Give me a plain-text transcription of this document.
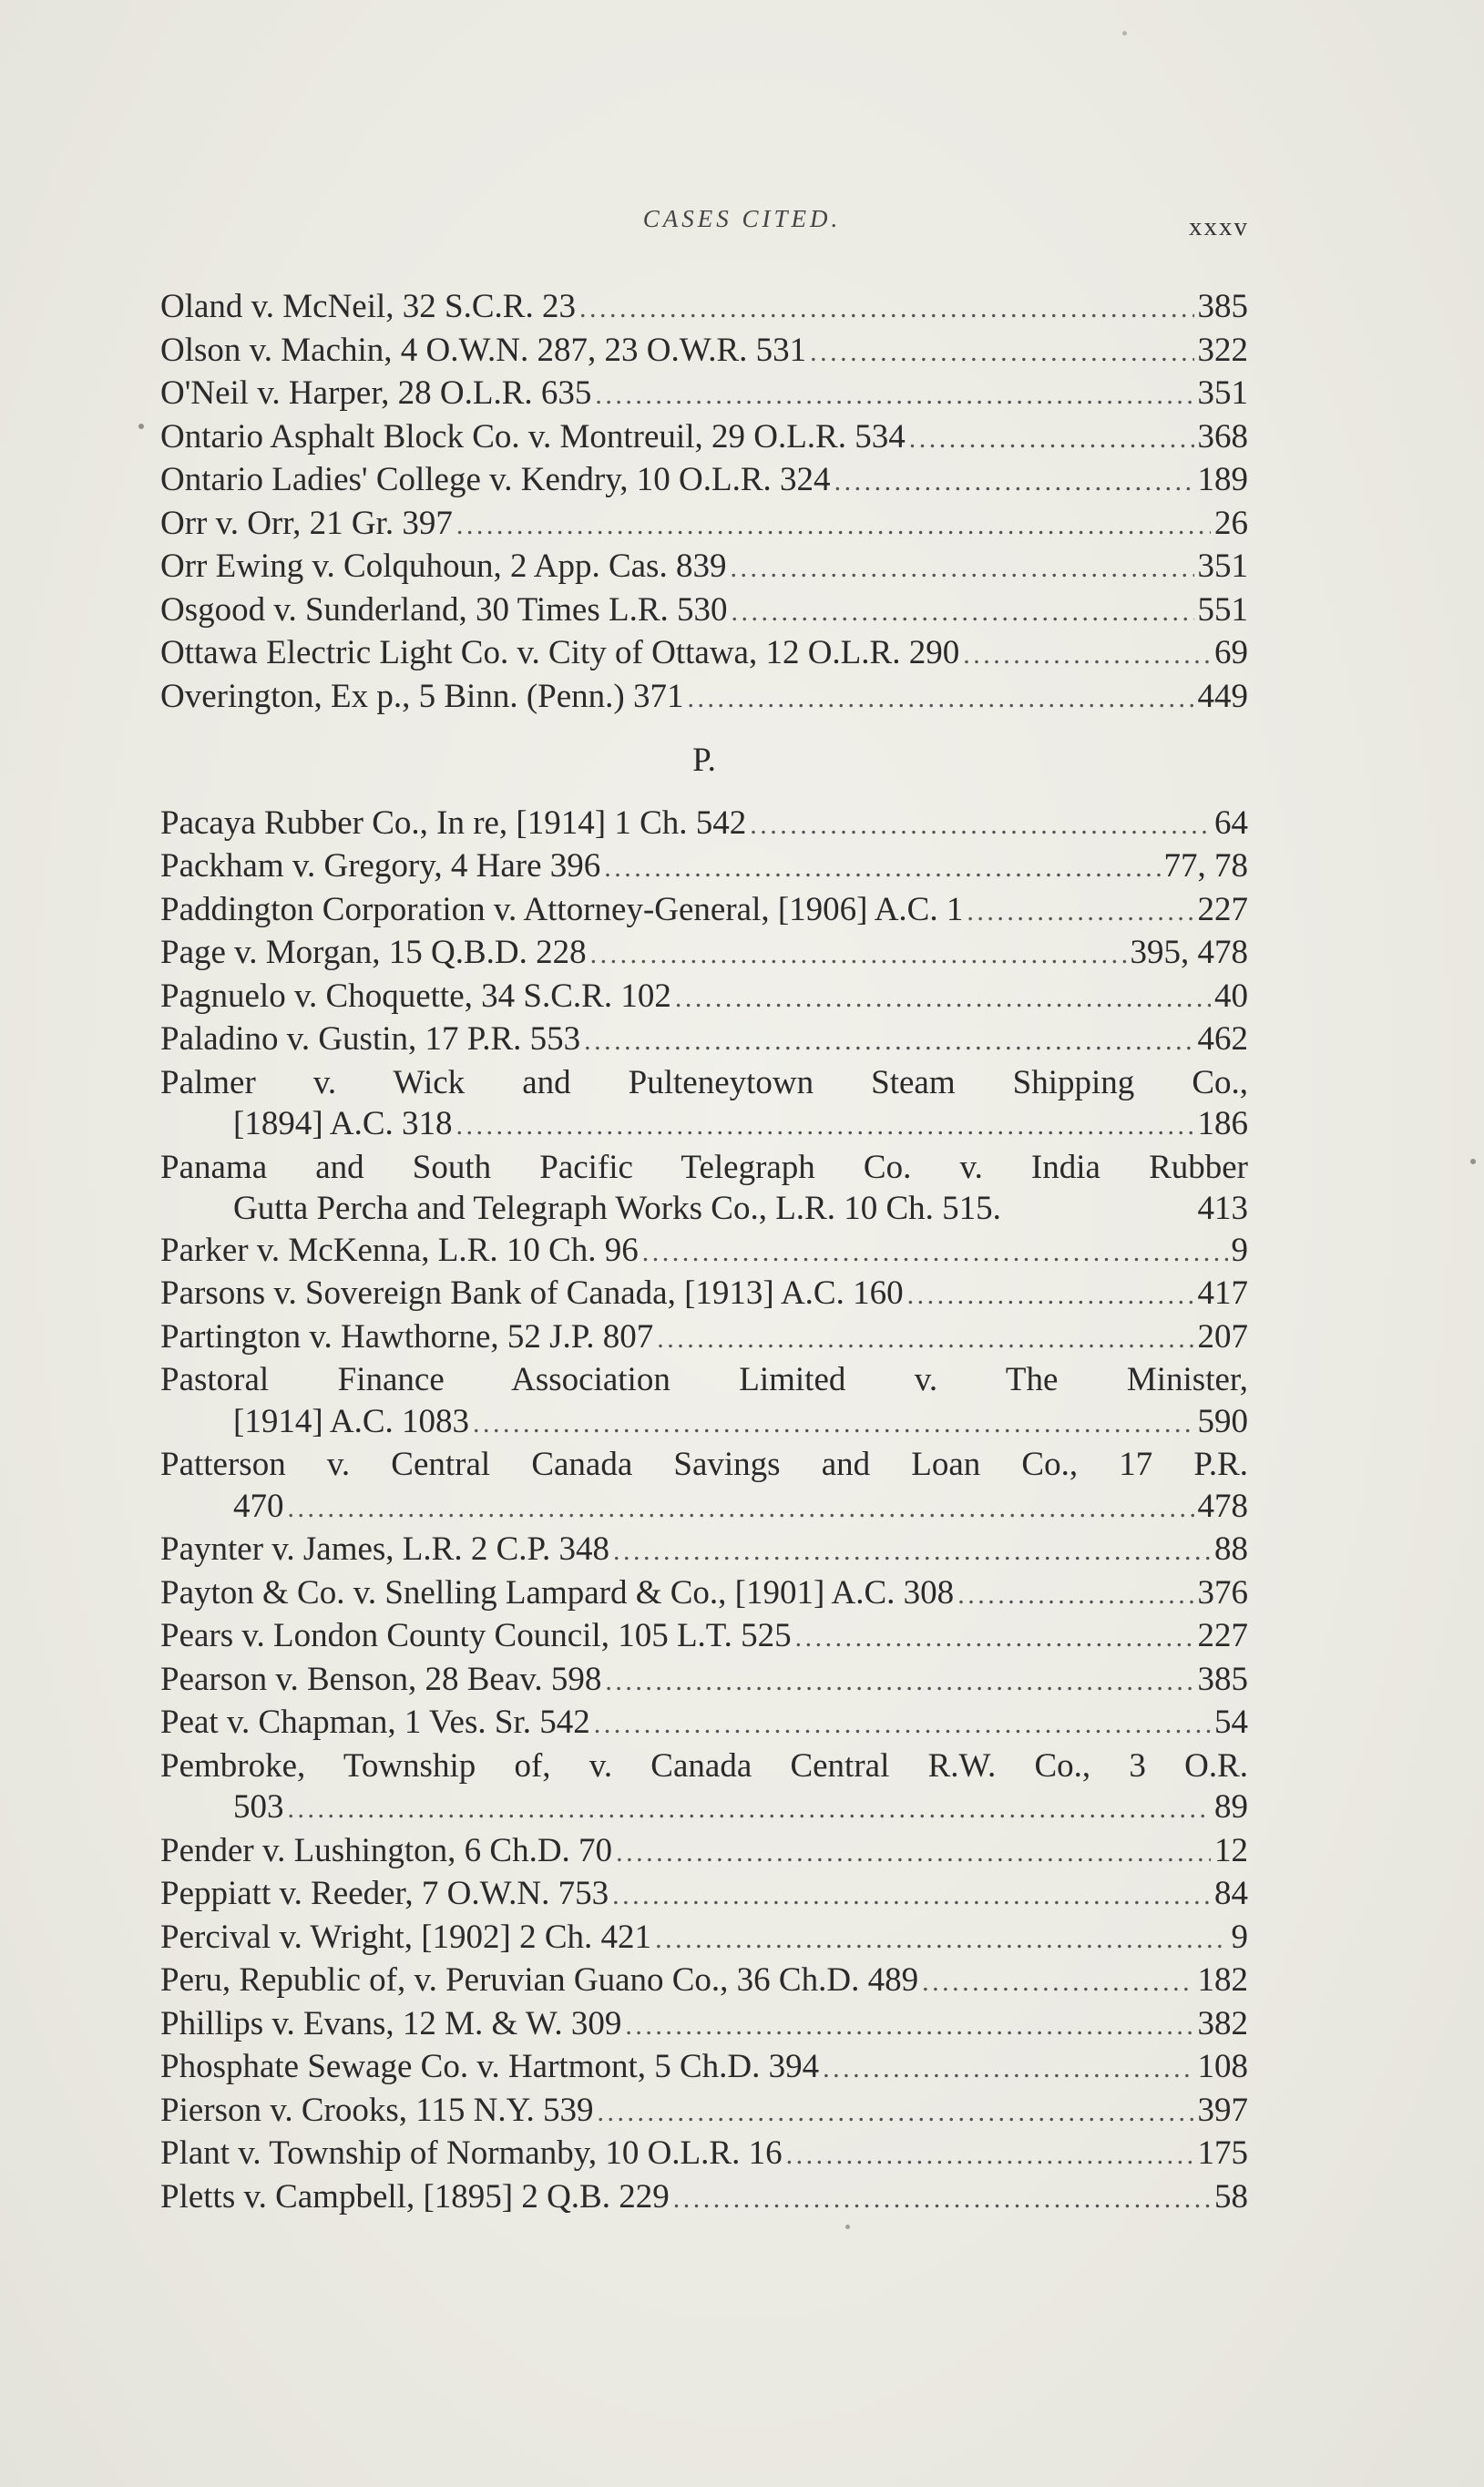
CASES CITED.	xxxv
Oland v. McNeil, 32 S.C.R. 23 . . .	385
Olson v. Machin, 4 O.W.N. 287, 23 O.W.R. 531 . . .	322
O'Neil v. Harper, 28 O.L.R. 635 . . .	351
Ontario Asphalt Block Co. v. Montreuil, 29 O.L.R. 534 . . .	368
Ontario Ladies' College v. Kendry, 10 O.L.R. 324 . . .	189
Orr v. Orr, 21 Gr. 397 . . .	26
Orr Ewing v. Colquhoun, 2 App. Cas. 839 . . .	351
Osgood v. Sunderland, 30 Times L.R. 530 . . .	551
Ottawa Electric Light Co. v. City of Ottawa, 12 O.L.R. 290 . . .	69
Overington, Ex p., 5 Binn. (Penn.) 371 . . .	449
P.
Pacaya Rubber Co., In re, [1914] 1 Ch. 542 . . .	64
Packham v. Gregory, 4 Hare 396 . . .	77, 78
Paddington Corporation v. Attorney-General, [1906] A.C. 1 . . .	227
Page v. Morgan, 15 Q.B.D. 228 . . .	395, 478
Pagnuelo v. Choquette, 34 S.C.R. 102 . . .	40
Paladino v. Gustin, 17 P.R. 553 . . .	462
Palmer v. Wick and Pulteneytown Steam Shipping Co.,
[1894] A.C. 318 . . .	186
Panama and South Pacific Telegraph Co. v. India Rubber
Gutta Percha and Telegraph Works Co., L.R. 10 Ch. 515.	413
Parker v. McKenna, L.R. 10 Ch. 96 . . .	9
Parsons v. Sovereign Bank of Canada, [1913] A.C. 160 . . .	417
Partington v. Hawthorne, 52 J.P. 807 . . .	207
Pastoral Finance Association Limited v. The Minister,
[1914] A.C. 1083 . . .	590
Patterson v. Central Canada Savings and Loan Co., 17 P.R.
470 . . .	478
Paynter v. James, L.R. 2 C.P. 348 . . .	88
Payton & Co. v. Snelling Lampard & Co., [1901] A.C. 308 . . .	376
Pears v. London County Council, 105 L.T. 525 . . .	227
Pearson v. Benson, 28 Beav. 598 . . .	385
Peat v. Chapman, 1 Ves. Sr. 542 . . .	54
Pembroke, Township of, v. Canada Central R.W. Co., 3 O.R.
503 . . .	89
Pender v. Lushington, 6 Ch.D. 70 . . .	12
Peppiatt v. Reeder, 7 O.W.N. 753 . . .	84
Percival v. Wright, [1902] 2 Ch. 421 . . .	9
Peru, Republic of, v. Peruvian Guano Co., 36 Ch.D. 489 . . .	182
Phillips v. Evans, 12 M. & W. 309 . . .	382
Phosphate Sewage Co. v. Hartmont, 5 Ch.D. 394 . . .	108
Pierson v. Crooks, 115 N.Y. 539 . . .	397
Plant v. Township of Normanby, 10 O.L.R. 16 . . .	175
Pletts v. Campbell, [1895] 2 Q.B. 229 . . .	58
